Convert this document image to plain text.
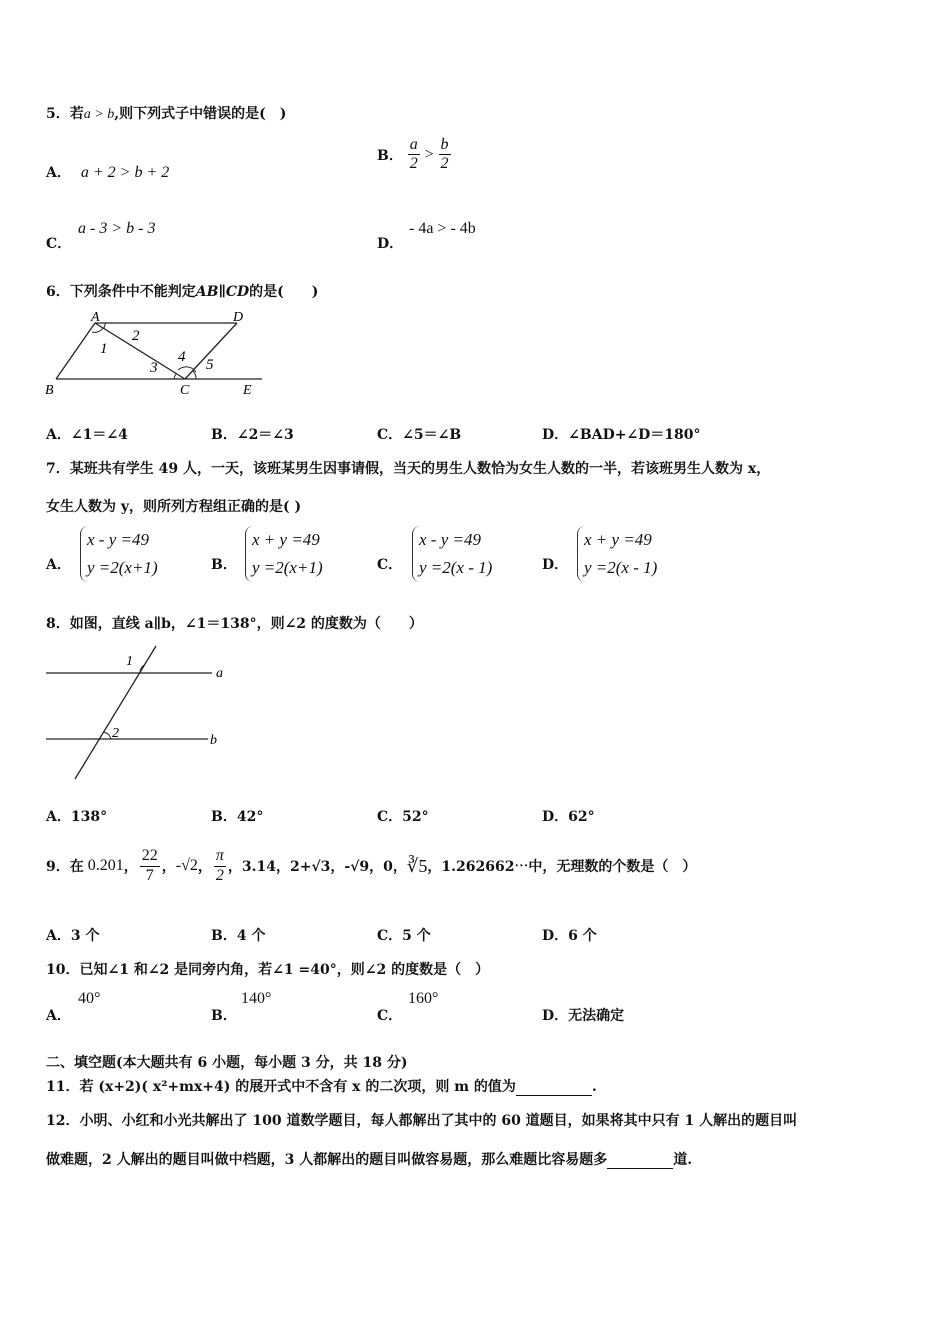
5．若a > b,则下列式子中错误的是(　)
A． a + 2 > b + 2
B． $\frac{a}{2} > \frac{b}{2}$
a - 3 > b - 3
C．
- 4a > - 4b
D．
6．下列条件中不能判定AB∥CD的是(　　)
A	D
B	C	E
1
2
3
4 5
A．∠1＝∠4	B．∠2＝∠3	C．∠5＝∠B	D．∠BAD+∠D＝180°
7．某班共有学生 49 人，一天，该班某男生因事请假，当天的男生人数恰为女生人数的一半，若该班男生人数为 x，
女生人数为 y，则所列方程组正确的是( )
A．
x - y =49
y =2(x+1)	B．
x + y =49
y =2(x+1)	C．
x - y =49
y =2(x - 1)	D．
x + y =49
y =2(x - 1)
8．如图，直线 a∥b，∠1＝138°，则∠2 的度数为（　　）
1
2
a
b
A．138°	B．42°	C．52°	D．62°
9．在 0.201 ， $\frac{22}{7}$ ， -√2 ， $\frac{\pi}{2}$ ，3.14，2+√3，-√9，0， ∛5 ，1.262662⋯中，无理数的个数是（　）
A．3 个	B．4 个	C．5 个	D．6 个
10．已知∠1 和∠2 是同旁内角，若∠1 =40°，则∠2 的度数是（　）
40°
A．
140°
B．
160°
C．	D．无法确定
二、填空题(本大题共有 6 小题，每小题 3 分，共 18 分)
11．若 (x+2)( x²+mx+4) 的展开式中不含有 x 的二次项，则 m 的值为	.
12．小明、小红和小光共解出了 100 道数学题目，每人都解出了其中的 60 道题目，如果将其中只有 1 人解出的题目叫
做难题，2 人解出的题目叫做中档题，3 人都解出的题目叫做容易题，那么难题比容易题多	道.
